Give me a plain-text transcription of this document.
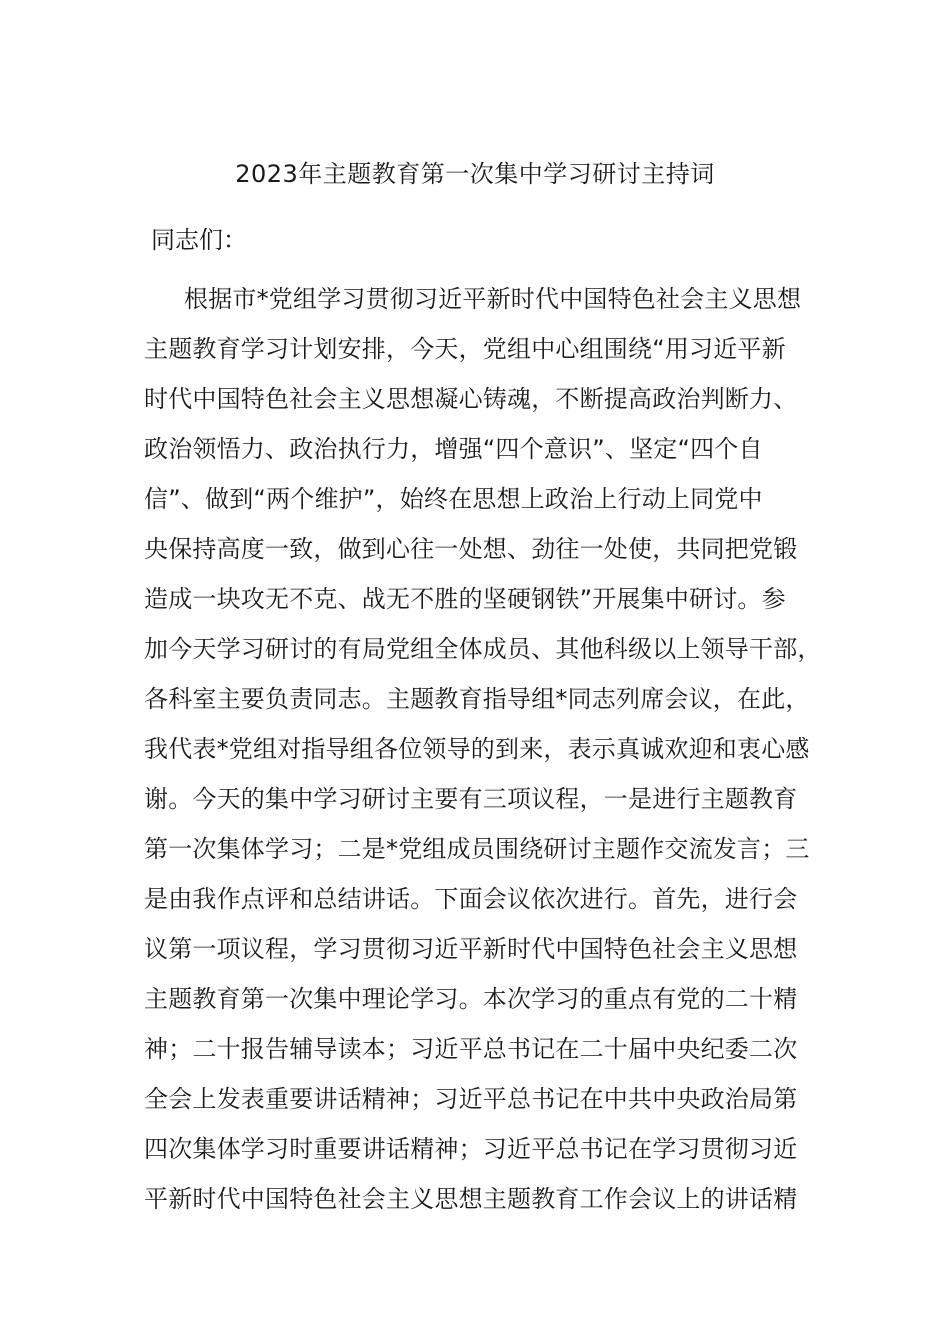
2023年主题教育第一次集中学习研讨主持词
同志们：
根据市*党组学习贯彻习近平新时代中国特色社会主义思想
主题教育学习计划安排，今天，党组中心组围绕“用习近平新
时代中国特色社会主义思想凝心铸魂，不断提高政治判断力、
政治领悟力、政治执行力，增强“四个意识”、坚定“四个自
信”、做到“两个维护”，始终在思想上政治上行动上同党中
央保持高度一致，做到心往一处想、劲往一处使，共同把党锻
造成一块攻无不克、战无不胜的坚硬钢铁”开展集中研讨。参
加今天学习研讨的有局党组全体成员、其他科级以上领导干部，
各科室主要负责同志。主题教育指导组*同志列席会议，在此，
我代表*党组对指导组各位领导的到来，表示真诚欢迎和衷心感
谢。今天的集中学习研讨主要有三项议程，一是进行主题教育
第一次集体学习；二是*党组成员围绕研讨主题作交流发言；三
是由我作点评和总结讲话。下面会议依次进行。首先，进行会
议第一项议程，学习贯彻习近平新时代中国特色社会主义思想
主题教育第一次集中理论学习。本次学习的重点有党的二十精
神；二十报告辅导读本；习近平总书记在二十届中央纪委二次
全会上发表重要讲话精神；习近平总书记在中共中央政治局第
四次集体学习时重要讲话精神；习近平总书记在学习贯彻习近
平新时代中国特色社会主义思想主题教育工作会议上的讲话精
